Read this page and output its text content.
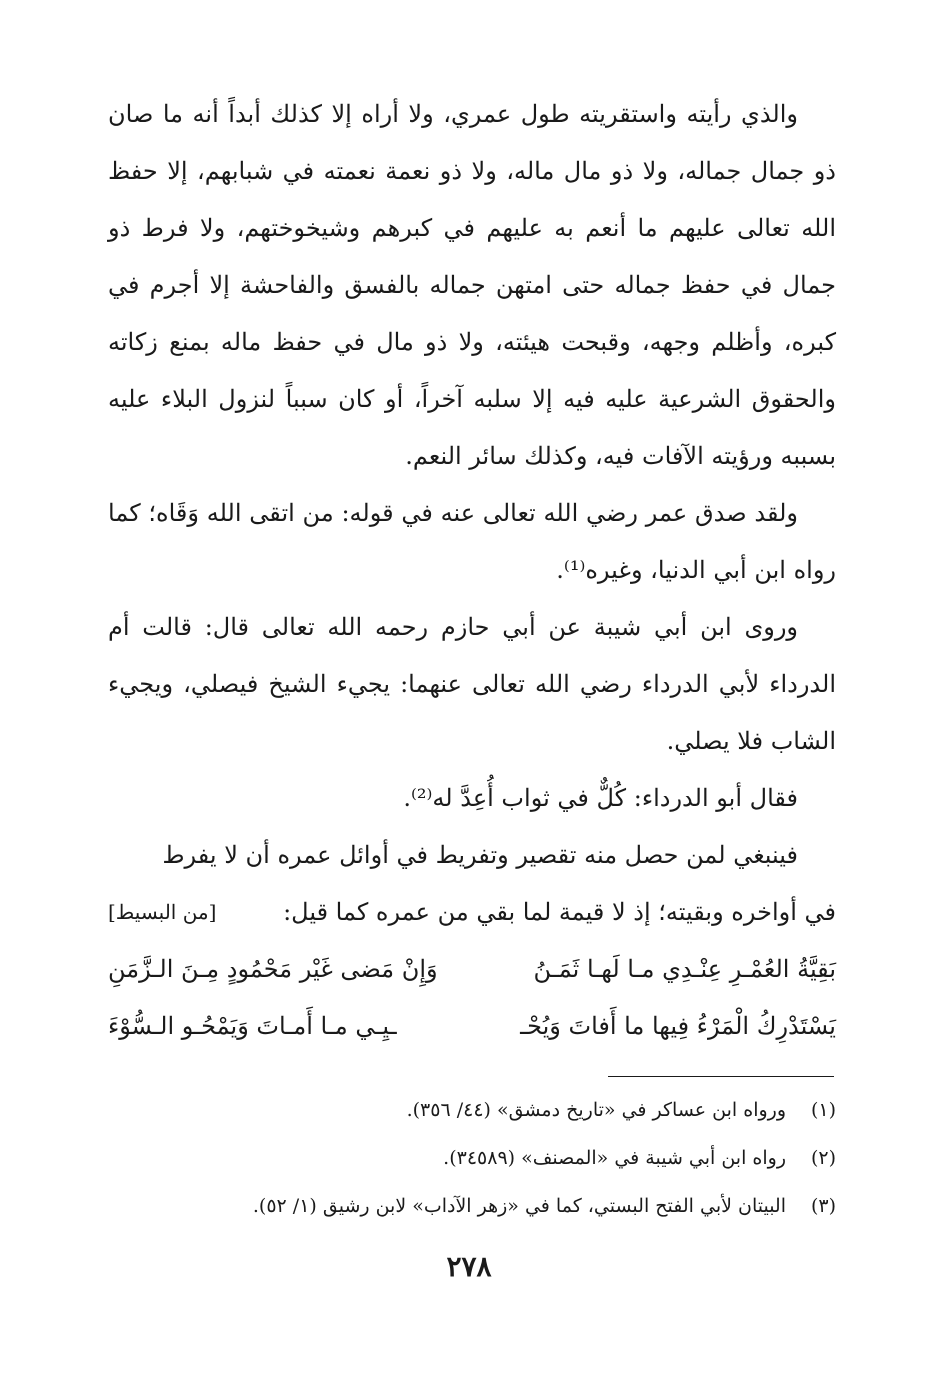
والذي رأيته واستقريته طول عمري، ولا أراه إلا كذلك أبداً أنه ما صان ذو جمال جماله، ولا ذو مال ماله، ولا ذو نعمة نعمته في شبابهم، إلا حفظ الله تعالى عليهم ما أنعم به عليهم في كبرهم وشيخوختهم، ولا فرط ذو جمال في حفظ جماله حتى امتهن جماله بالفسق والفاحشة إلا أجرم في كبره، وأظلم وجهه، وقبحت هيئته، ولا ذو مال في حفظ ماله بمنع زكاته والحقوق الشرعية عليه فيه إلا سلبه آخراً، أو كان سبباً لنزول البلاء عليه بسببه ورؤيته الآفات فيه، وكذلك سائر النعم.

ولقد صدق عمر رضي الله تعالى عنه في قوله: من اتقى الله وَقَاه؛ كما رواه ابن أبي الدنيا، وغيره⁽¹⁾.

وروى ابن أبي شيبة عن أبي حازم رحمه الله تعالى قال: قالت أم الدرداء لأبي الدرداء رضي الله تعالى عنهما: يجيء الشيخ فيصلي، ويجيء الشاب فلا يصلي.

فقال أبو الدرداء: كُلٌّ في ثواب أُعِدَّ له⁽²⁾.

فينبغي لمن حصل منه تقصير وتفريط في أوائل عمره أن لا يفرط

في أواخره وبقيته؛ إذ لا قيمة لما بقي من عمره كما قيل:
[من البسيط]
بَقِيَّةُ العُمْـرِ عِنْـدِي مـا لَهـا ثَمَـنُ
وَإِنْ مَضى غَيْر مَحْمُودٍ مِـنَ الـزَّمَنِ
يَسْتَدْرِكُ الْمَرْءُ فِيها ما أَفاتَ وَيُحْـ
ـيِـي مـا أَمـاتَ وَيَمْحُـو الـسُّوْءَ
(١)
ورواه ابن عساكر في «تاريخ دمشق» (٤٤/ ٣٥٦).
(٢)
رواه ابن أبي شيبة في «المصنف» (٣٤٥٨٩).
(٣)
البيتان لأبي الفتح البستي، كما في «زهر الآداب» لابن رشيق (١/ ٥٢).
٢٧٨
